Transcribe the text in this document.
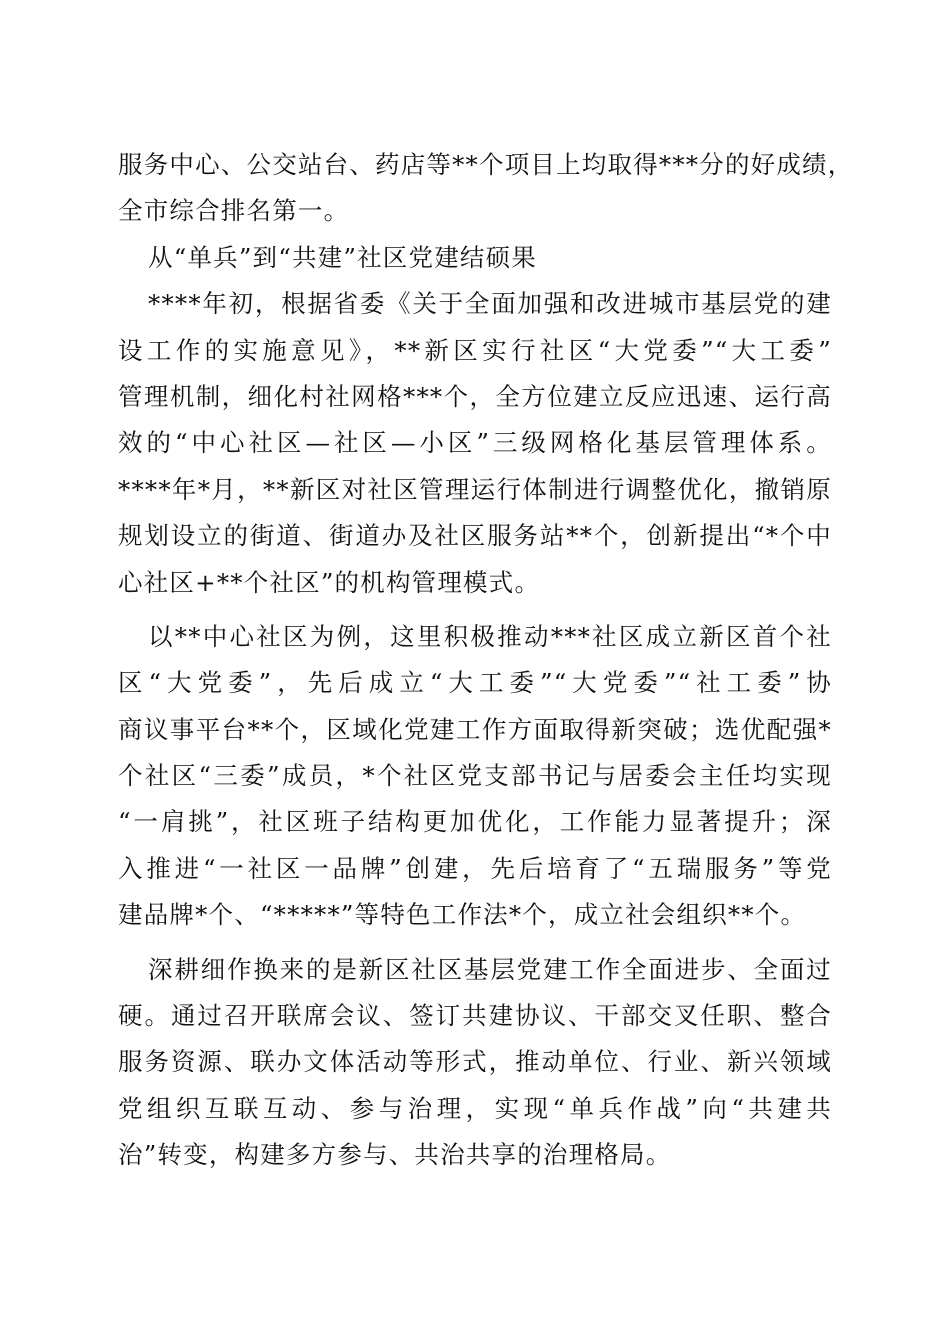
服务中心、公交站台、药店等**个项目上均取得***分的好成绩，
全市综合排名第一。
从“单兵”到“共建”社区党建结硕果
****年初，根据省委《关于全面加强和改进城市基层党的建
设工作的实施意见》，**新区实行社区“大党委”“大工委”
管理机制，细化村社网格***个，全方位建立反应迅速、运行高
效的“中心社区—社区—小区”三级网格化基层管理体系。
****年*月，**新区对社区管理运行体制进行调整优化，撤销原
规划设立的街道、街道办及社区服务站**个，创新提出“*个中
心社区+**个社区”的机构管理模式。
以**中心社区为例，这里积极推动***社区成立新区首个社
区“大党委”，先后成立“大工委”“大党委”“社工委”协
商议事平台**个，区域化党建工作方面取得新突破；选优配强*
个社区“三委”成员，*个社区党支部书记与居委会主任均实现
“一肩挑”，社区班子结构更加优化，工作能力显著提升；深
入推进“一社区一品牌”创建，先后培育了“五瑞服务”等党
建品牌*个、“*****”等特色工作法*个，成立社会组织**个。
深耕细作换来的是新区社区基层党建工作全面进步、全面过
硬。通过召开联席会议、签订共建协议、干部交叉任职、整合
服务资源、联办文体活动等形式，推动单位、行业、新兴领域
党组织互联互动、参与治理，实现“单兵作战”向“共建共
治”转变，构建多方参与、共治共享的治理格局。
